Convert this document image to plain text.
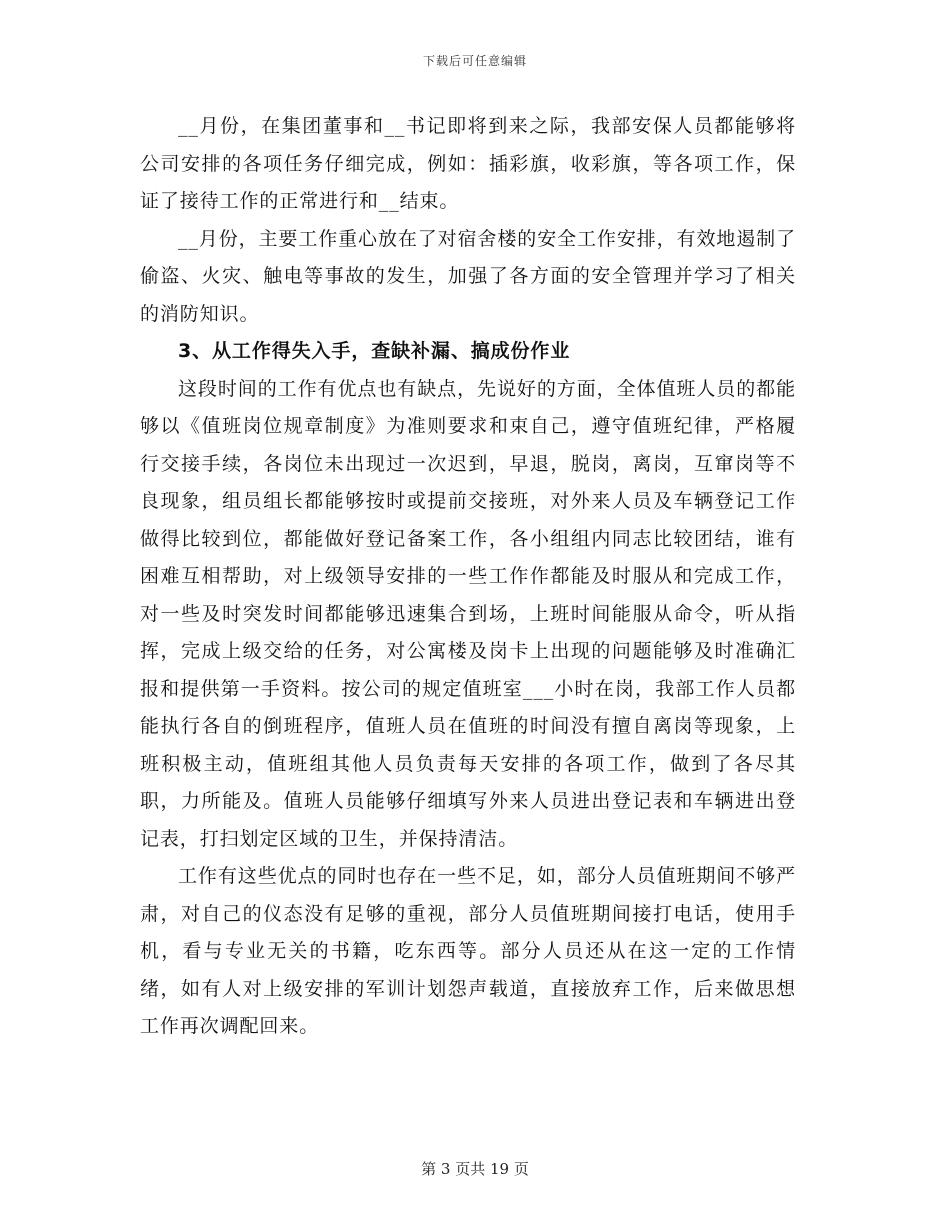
下载后可任意编辑

__月份，在集团董事和__书记即将到来之际，我部安保人员都能够将公司安排的各项任务仔细完成，例如：插彩旗，收彩旗，等各项工作，保证了接待工作的正常进行和__结束。

__月份，主要工作重心放在了对宿舍楼的安全工作安排，有效地遏制了偷盗、火灾、触电等事故的发生，加强了各方面的安全管理并学习了相关的消防知识。

3、从工作得失入手，查缺补漏、搞成份作业

这段时间的工作有优点也有缺点，先说好的方面，全体值班人员的都能够以《值班岗位规章制度》为准则要求和束自己，遵守值班纪律，严格履行交接手续，各岗位未出现过一次迟到，早退，脱岗，离岗，互窜岗等不良现象，组员组长都能够按时或提前交接班，对外来人员及车辆登记工作做得比较到位，都能做好登记备案工作，各小组组内同志比较团结，谁有困难互相帮助，对上级领导安排的一些工作作都能及时服从和完成工作，对一些及时突发时间都能够迅速集合到场，上班时间能服从命令，听从指挥，完成上级交给的任务，对公寓楼及岗卡上出现的问题能够及时准确汇报和提供第一手资料。按公司的规定值班室___小时在岗，我部工作人员都能执行各自的倒班程序，值班人员在值班的时间没有擅自离岗等现象，上班积极主动，值班组其他人员负责每天安排的各项工作，做到了各尽其职，力所能及。值班人员能够仔细填写外来人员进出登记表和车辆进出登记表，打扫划定区域的卫生，并保持清洁。

工作有这些优点的同时也存在一些不足，如，部分人员值班期间不够严肃，对自己的仪态没有足够的重视，部分人员值班期间接打电话，使用手机，看与专业无关的书籍，吃东西等。部分人员还从在这一定的工作情绪，如有人对上级安排的军训计划怨声载道，直接放弃工作，后来做思想工作再次调配回来。

第 3 页共 19 页
